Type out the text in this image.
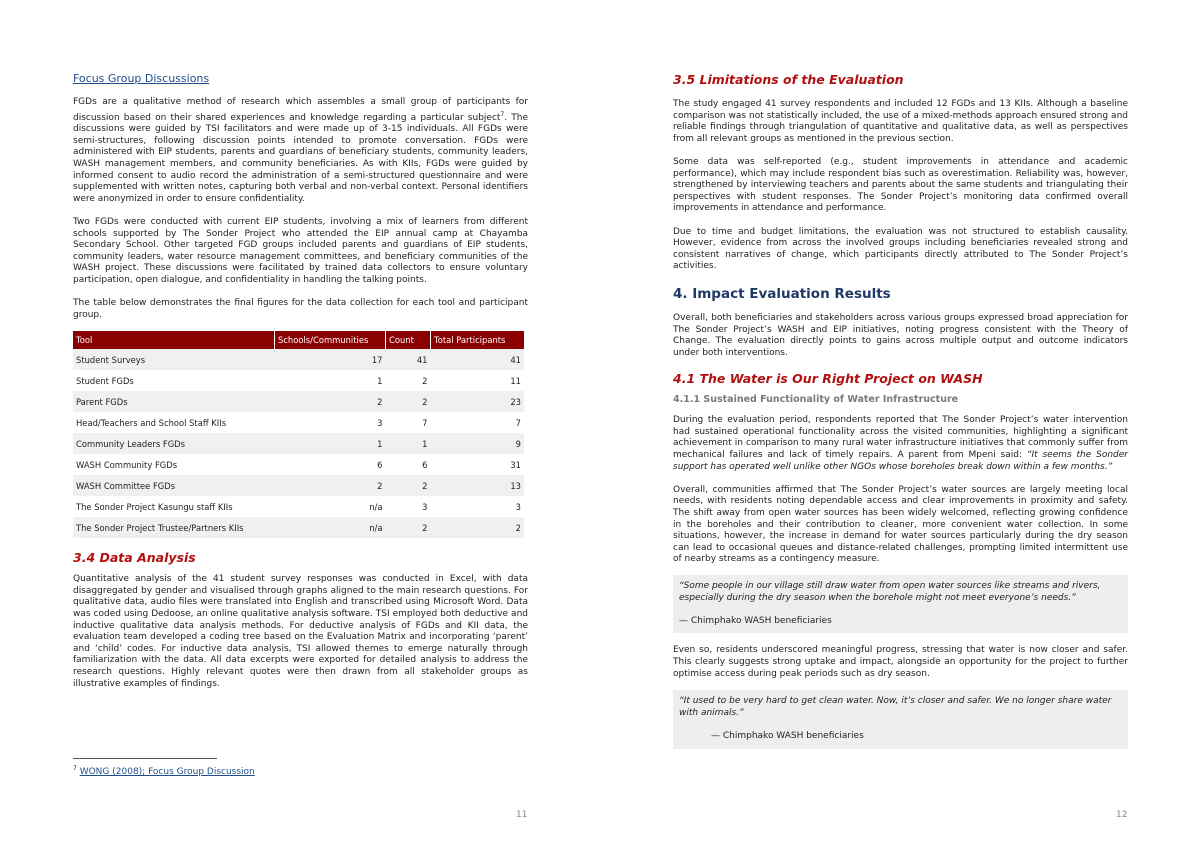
Focus Group Discussions

FGDs are a qualitative method of research which assembles a small group of participants for discussion based on their shared experiences and knowledge regarding a particular subject$^7$. The discussions were guided by TSI facilitators and were made up of 3-15 individuals. All FGDs were semi-structures, following discussion points intended to promote conversation. FGDs were administered with EIP students, parents and guardians of beneficiary students, community leaders, WASH management members, and community beneficiaries. As with KIIs, FGDs were guided by informed consent to audio record the administration of a semi-structured questionnaire and were supplemented with written notes, capturing both verbal and non-verbal context. Personal identifiers were anonymized in order to ensure confidentiality.

Two FGDs were conducted with current EIP students, involving a mix of learners from different schools supported by The Sonder Project who attended the EIP annual camp at Chayamba Secondary School. Other targeted FGD groups included parents and guardians of EIP students, community leaders, water resource management committees, and beneficiary communities of the WASH project. These discussions were facilitated by trained data collectors to ensure voluntary participation, open dialogue, and confidentiality in handling the talking points.

The table below demonstrates the final figures for the data collection for each tool and participant group.

Tool	Schools/Communities	Count	Total Participants
Student Surveys	17	41	41
Student FGDs	1	2	11
Parent FGDs	2	2	23
Head/Teachers and School Staff KIIs	3	7	7
Community Leaders FGDs	1	1	9
WASH Community FGDs	6	6	31
WASH Committee FGDs	2	2	13
The Sonder Project Kasungu staff KIIs	n/a	3	3
The Sonder Project Trustee/Partners KIIs	n/a	2	2
3.4 Data Analysis

Quantitative analysis of the 41 student survey responses was conducted in Excel, with data disaggregated by gender and visualised through graphs aligned to the main research questions. For qualitative data, audio files were translated into English and transcribed using Microsoft Word. Data was coded using Dedoose, an online qualitative analysis software. TSI employed both deductive and inductive qualitative data analysis methods. For deductive analysis of FGDs and KII data, the evaluation team developed a coding tree based on the Evaluation Matrix and incorporating ‘parent’ and ‘child’ codes. For inductive data analysis, TSI allowed themes to emerge naturally through familiarization with the data. All data excerpts were exported for detailed analysis to address the research questions. Highly relevant quotes were then drawn from all stakeholder groups as illustrative examples of findings.

$^7$ WONG (2008); Focus Group Discussion
11
3.5 Limitations of the Evaluation

The study engaged 41 survey respondents and included 12 FGDs and 13 KIIs. Although a baseline comparison was not statistically included, the use of a mixed-methods approach ensured strong and reliable findings through triangulation of quantitative and qualitative data, as well as perspectives from all relevant groups as mentioned in the previous section.

Some data was self-reported (e.g., student improvements in attendance and academic performance), which may include respondent bias such as overestimation. Reliability was, however, strengthened by interviewing teachers and parents about the same students and triangulating their perspectives with student responses. The Sonder Project’s monitoring data confirmed overall improvements in attendance and performance.

Due to time and budget limitations, the evaluation was not structured to establish causality. However, evidence from across the involved groups including beneficiaries revealed strong and consistent narratives of change, which participants directly attributed to The Sonder Project’s activities.

4. Impact Evaluation Results

Overall, both beneficiaries and stakeholders across various groups expressed broad appreciation for The Sonder Project’s WASH and EIP initiatives, noting progress consistent with the Theory of Change. The evaluation directly points to gains across multiple output and outcome indicators under both interventions.

4.1 The Water is Our Right Project on WASH
4.1.1 Sustained Functionality of Water Infrastructure

During the evaluation period, respondents reported that The Sonder Project’s water intervention had sustained operational functionality across the visited communities, highlighting a significant achievement in comparison to many rural water infrastructure initiatives that commonly suffer from mechanical failures and lack of timely repairs. A parent from Mpeni said: “It seems the Sonder support has operated well unlike other NGOs whose boreholes break down within a few months.”

Overall, communities affirmed that The Sonder Project’s water sources are largely meeting local needs, with residents noting dependable access and clear improvements in proximity and safety. The shift away from open water sources has been widely welcomed, reflecting growing confidence in the boreholes and their contribution to cleaner, more convenient water collection. In some situations, however, the increase in demand for water sources particularly during the dry season can lead to occasional queues and distance-related challenges, prompting limited intermittent use of nearby streams as a contingency measure.

“Some people in our village still draw water from open water sources like streams and rivers, especially during the dry season when the borehole might not meet everyone’s needs.”

— Chimphako WASH beneficiaries

Even so, residents underscored meaningful progress, stressing that water is now closer and safer. This clearly suggests strong uptake and impact, alongside an opportunity for the project to further optimise access during peak periods such as dry season.

“It used to be very hard to get clean water. Now, it’s closer and safer. We no longer share water with animals.”

— Chimphako WASH beneficiaries

12
